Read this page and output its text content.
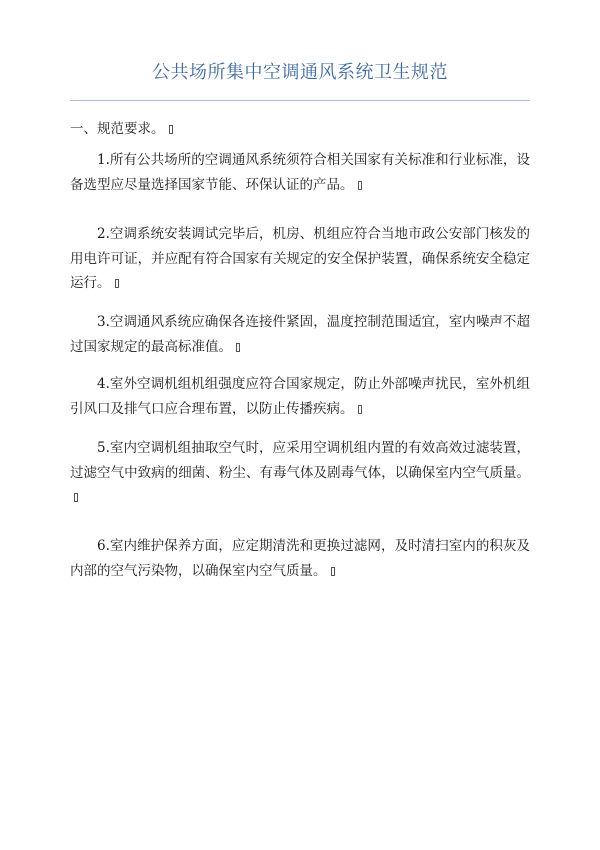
公共场所集中空调通风系统卫生规范

一、规范要求。

1.所有公共场所的空调通风系统须符合相关国家有关标准和行业标准，设备选型应尽量选择国家节能、环保认证的产品。

2.空调系统安装调试完毕后，机房、机组应符合当地市政公安部门核发的用电许可证，并应配有符合国家有关规定的安全保护装置，确保系统安全稳定运行。

3.空调通风系统应确保各连接件紧固，温度控制范围适宜，室内噪声不超过国家规定的最高标准值。

4.室外空调机组机组强度应符合国家规定，防止外部噪声扰民，室外机组引风口及排气口应合理布置，以防止传播疾病。

5.室内空调机组抽取空气时，应采用空调机组内置的有效高效过滤装置，过滤空气中致病的细菌、粉尘、有毒气体及剧毒气体，以确保室内空气质量。

6.室内维护保养方面，应定期清洗和更换过滤网，及时清扫室内的积灰及内部的空气污染物，以确保室内空气质量。
